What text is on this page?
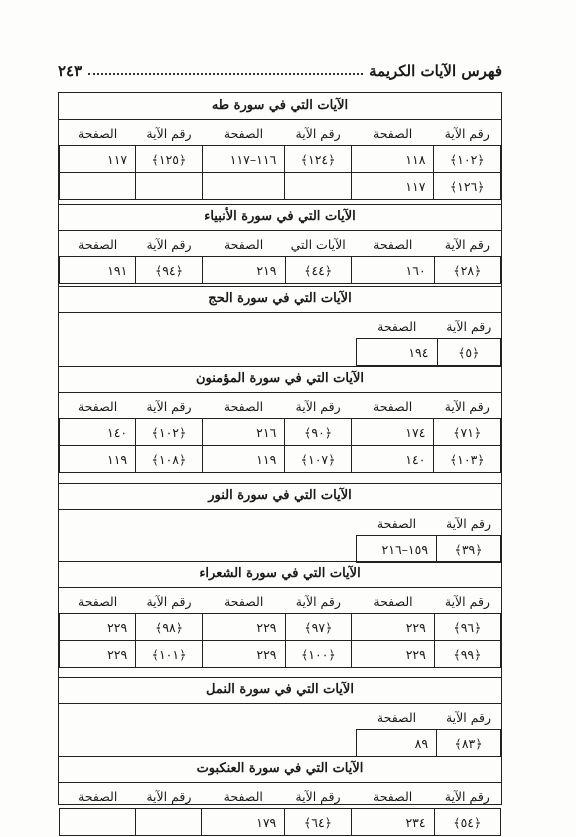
فهرس الآيات الكريمة
٢٤٣
الآيات التي في سورة طه
رقم الآية	الصفحة	رقم الآية	الصفحة	رقم الآية	الصفحة
﴿١٠٢﴾	١١٨	﴿١٢٤﴾	١١٦–١١٧	﴿١٢٥﴾	١١٧
﴿١٢٦﴾	١١٧				
الآيات التي في سورة الأنبياء
رقم الآية	الصفحة	الآيات التي	الصفحة	رقم الآية	الصفحة
﴿٢٨﴾	١٦٠	﴿٤٤﴾	٢١٩	﴿٩٤﴾	١٩١
الآيات التي في سورة الحج
رقم الآية	الصفحة
﴿٥﴾	١٩٤
الآيات التي في سورة المؤمنون
رقم الآية	الصفحة	رقم الآية	الصفحة	رقم الآية	الصفحة
﴿٧١﴾	١٧٤	﴿٩٠﴾	٢١٦	﴿١٠٢﴾	١٤٠
﴿١٠٣﴾	١٤٠	﴿١٠٧﴾	١١٩	﴿١٠٨﴾	١١٩
الآيات التي في سورة النور
رقم الآية	الصفحة
﴿٣٩﴾	١٥٩–٢١٦
الآيات التي في سورة الشعراء
رقم الآية	الصفحة	رقم الآية	الصفحة	رقم الآية	الصفحة
﴿٩٦﴾	٢٢٩	﴿٩٧﴾	٢٢٩	﴿٩٨﴾	٢٢٩
﴿٩٩﴾	٢٢٩	﴿١٠٠﴾	٢٢٩	﴿١٠١﴾	٢٢٩
الآيات التي في سورة النمل
رقم الآية	الصفحة
﴿٨٣﴾	٨٩
الآيات التي في سورة العنكبوت
رقم الآية	الصفحة	رقم الآية	الصفحة	رقم الآية	الصفحة
﴿٥٤﴾	٢٣٤	﴿٦٤﴾	١٧٩		
